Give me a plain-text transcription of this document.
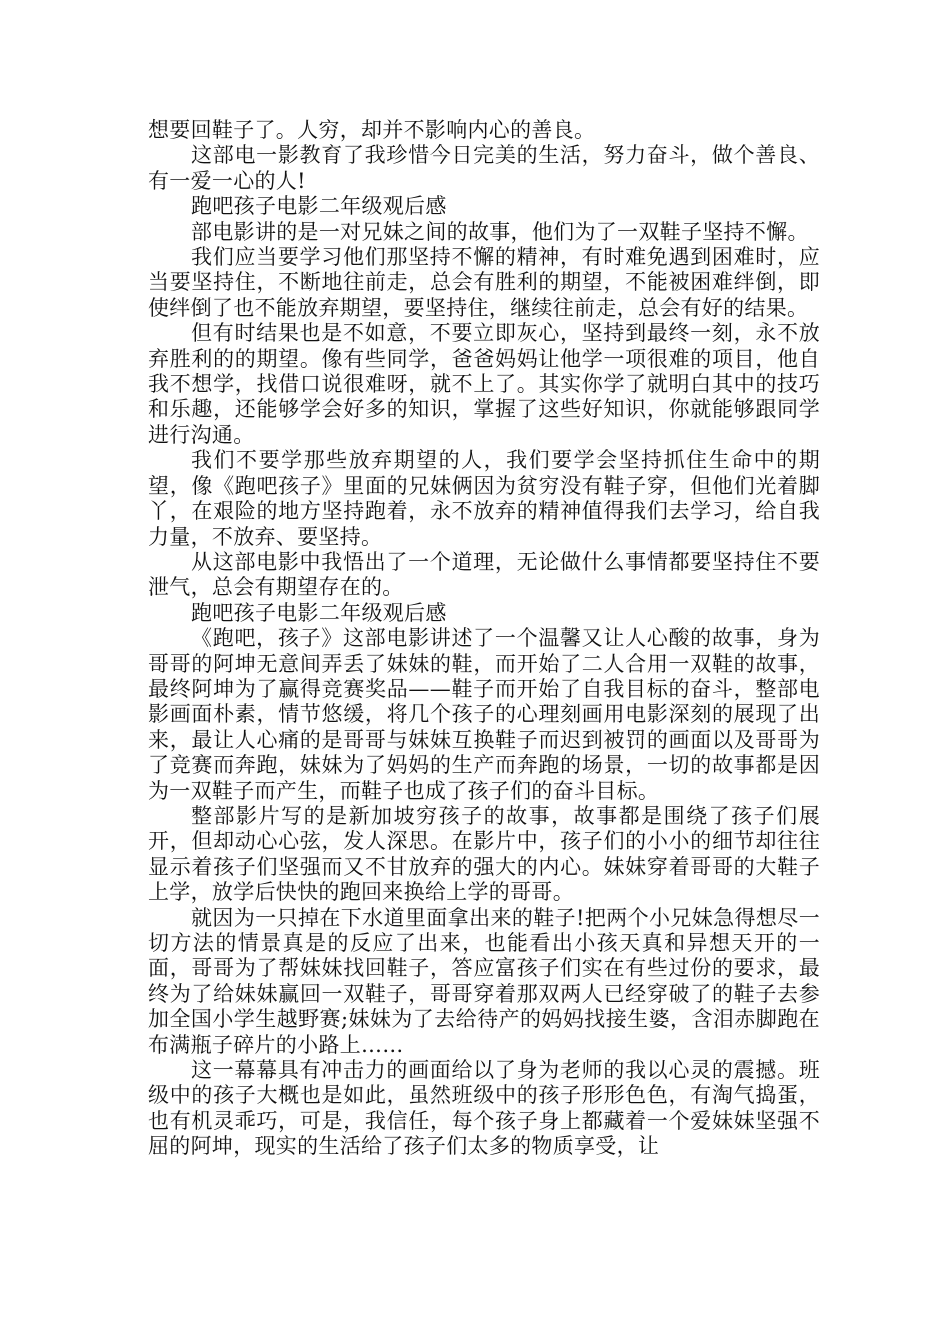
想要回鞋子了。人穷，却并不影响内心的善良。

这部电一影教育了我珍惜今日完美的生活，努力奋斗，做个善良、有一爱一心的人!

跑吧孩子电影二年级观后感

部电影讲的是一对兄妹之间的故事，他们为了一双鞋子坚持不懈。

我们应当要学习他们那坚持不懈的精神，有时难免遇到困难时，应当要坚持住，不断地往前走，总会有胜利的期望，不能被困难绊倒，即使绊倒了也不能放弃期望，要坚持住，继续往前走，总会有好的结果。

但有时结果也是不如意，不要立即灰心，坚持到最终一刻，永不放弃胜利的的期望。像有些同学，爸爸妈妈让他学一项很难的项目，他自我不想学，找借口说很难呀，就不上了。其实你学了就明白其中的技巧和乐趣，还能够学会好多的知识，掌握了这些好知识，你就能够跟同学进行沟通。

我们不要学那些放弃期望的人，我们要学会坚持抓住生命中的期望，像《跑吧孩子》里面的兄妹俩因为贫穷没有鞋子穿，但他们光着脚丫，在艰险的地方坚持跑着，永不放弃的精神值得我们去学习，给自我力量，不放弃、要坚持。

从这部电影中我悟出了一个道理，无论做什么事情都要坚持住不要泄气，总会有期望存在的。

跑吧孩子电影二年级观后感

《跑吧，孩子》这部电影讲述了一个温馨又让人心酸的故事，身为哥哥的阿坤无意间弄丢了妹妹的鞋，而开始了二人合用一双鞋的故事，最终阿坤为了赢得竞赛奖品——鞋子而开始了自我目标的奋斗，整部电影画面朴素，情节悠缓，将几个孩子的心理刻画用电影深刻的展现了出来，最让人心痛的是哥哥与妹妹互换鞋子而迟到被罚的画面以及哥哥为了竞赛而奔跑，妹妹为了妈妈的生产而奔跑的场景，一切的故事都是因为一双鞋子而产生，而鞋子也成了孩子们的奋斗目标。

整部影片写的是新加坡穷孩子的故事，故事都是围绕了孩子们展开，但却动心心弦，发人深思。在影片中，孩子们的小小的细节却往往显示着孩子们坚强而又不甘放弃的强大的内心。妹妹穿着哥哥的大鞋子上学，放学后快快的跑回来换给上学的哥哥。

就因为一只掉在下水道里面拿出来的鞋子!把两个小兄妹急得想尽一切方法的情景真是的反应了出来，也能看出小孩天真和异想天开的一面，哥哥为了帮妹妹找回鞋子，答应富孩子们实在有些过份的要求，最终为了给妹妹赢回一双鞋子，哥哥穿着那双两人已经穿破了的鞋子去参加全国小学生越野赛;妹妹为了去给待产的妈妈找接生婆，含泪赤脚跑在布满瓶子碎片的小路上……

这一幕幕具有冲击力的画面给以了身为老师的我以心灵的震撼。班级中的孩子大概也是如此，虽然班级中的孩子形形色色，有淘气捣蛋，也有机灵乖巧，可是，我信任，每个孩子身上都藏着一个爱妹妹坚强不屈的阿坤，现实的生活给了孩子们太多的物质享受，让
